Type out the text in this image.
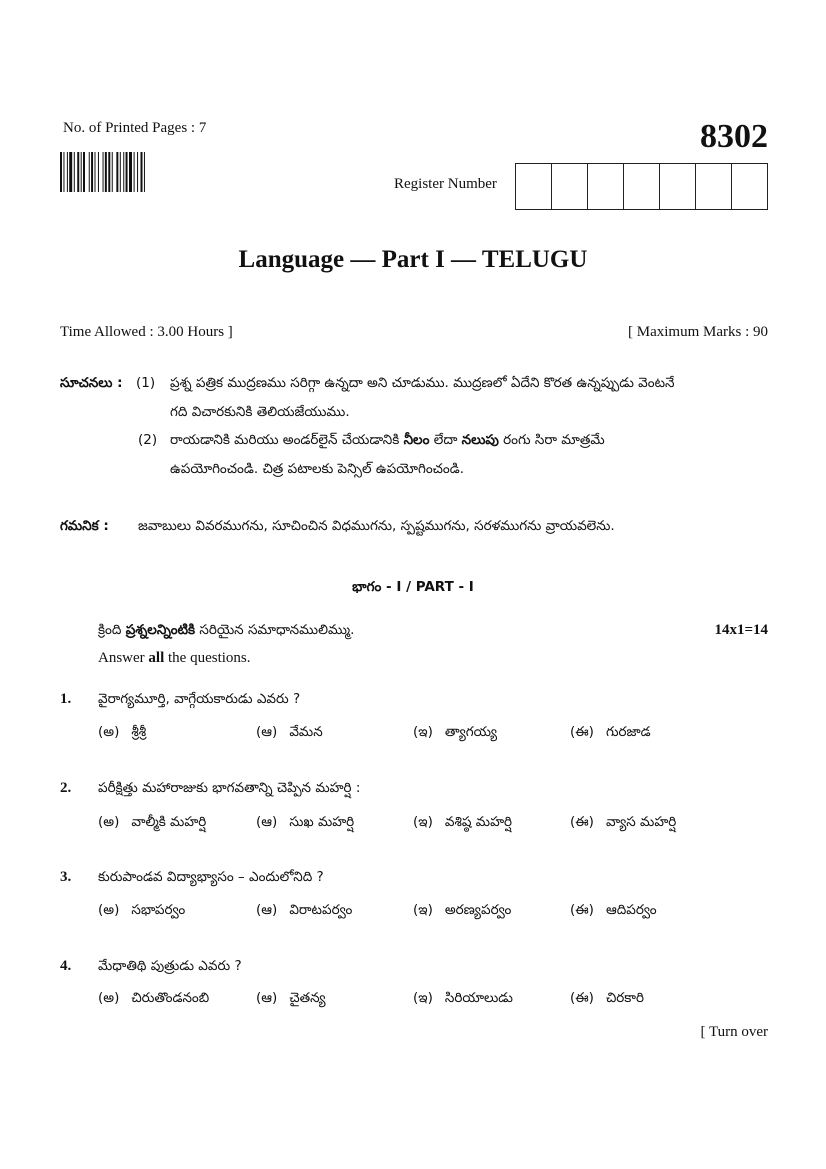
No. of Printed Pages : 7	8302
Register Number
Language — Part I — TELUGU
Time Allowed : 3.00 Hours ]	[ Maximum Marks : 90
సూచనలు : (1) ప్రశ్న పత్రిక ముద్రణము సరిగ్గా ఉన్నదా అని చూడుము. ముద్రణలో ఏదేని కొరత ఉన్నప్పుడు వెంటనే
గది విచారకునికి తెలియజేయుము.
(2) రాయడానికి మరియు అండర్‌లైన్ చేయడానికి నీలం లేదా నలుపు రంగు సిరా మాత్రమే
ఉపయోగించండి. చిత్ర పటాలకు పెన్సిల్ ఉపయోగించండి.
గమనిక : జవాబులు వివరముగను, సూచించిన విధముగను, స్పష్టముగను, సరళముగను వ్రాయవలెను.
భాగం - I / PART - I
క్రింది ప్రశ్నలన్నింటికి సరియైన సమాధానములిమ్ము.	14x1=14
Answer all the questions.
1. వైరాగ్యమూర్తి, వాగ్గేయకారుడు ఎవరు ?
(అ) శ్రీశ్రీ	(ఆ) వేమన	(ఇ) త్యాగయ్య	(ఈ) గురజాడ
2. పరీక్షిత్తు మహారాజుకు భాగవతాన్ని చెప్పిన మహర్షి :
(అ) వాల్మీకి మహర్షి	(ఆ) సుఖ మహర్షి	(ఇ) వశిష్ఠ మహర్షి	(ఈ) వ్యాస మహర్షి
3. కురుపాండవ విద్యాభ్యాసం – ఎందులోనిది ?
(అ) సభాపర్వం	(ఆ) విరాటపర్వం	(ఇ) అరణ్యపర్వం	(ఈ) ఆదిపర్వం
4. మేధాతిథి పుత్రుడు ఎవరు ?
(అ) చిరుతొండనంబి	(ఆ) చైతన్య	(ఇ) సిరియాలుడు	(ఈ) చిరకారి
[ Turn over
